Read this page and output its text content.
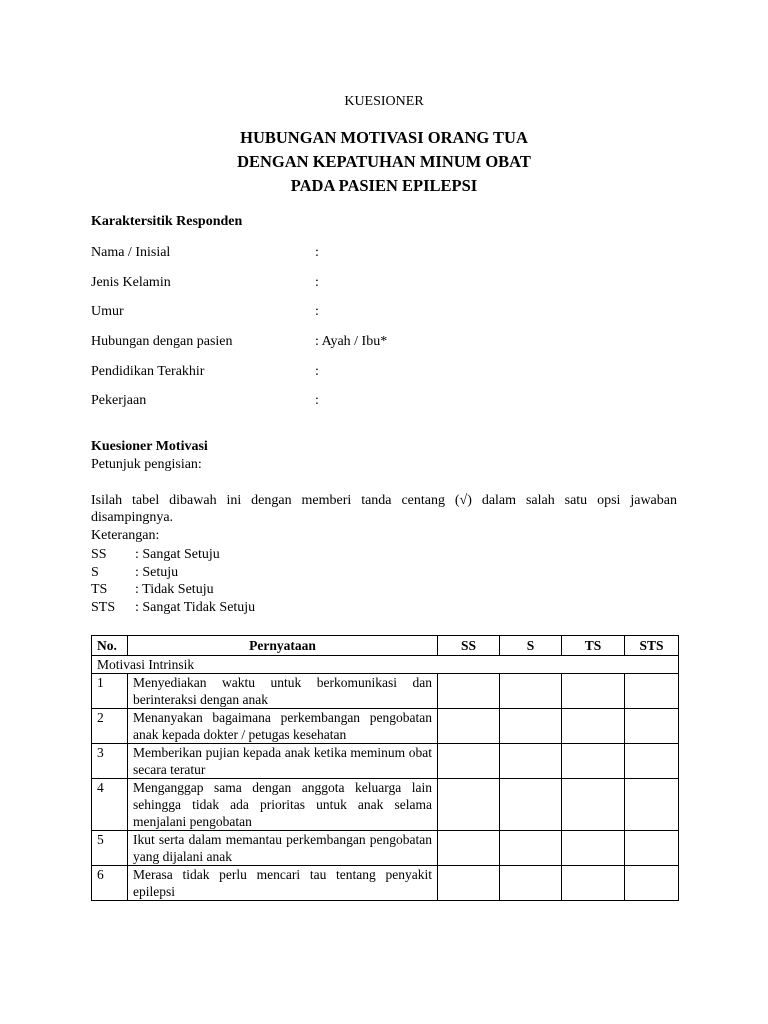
KUESIONER
HUBUNGAN MOTIVASI ORANG TUA
DENGAN KEPATUHAN MINUM OBAT
PADA PASIEN EPILEPSI
Karaktersitik Responden
Nama / Inisial	:
Jenis Kelamin	:
Umur	:
Hubungan dengan pasien	: Ayah / Ibu*
Pendidikan Terakhir	:
Pekerjaan	:
Kuesioner Motivasi
Petunjuk pengisian:
Isilah tabel dibawah ini dengan memberi tanda centang (√) dalam salah satu opsi jawaban disampingnya.
Keterangan:
SS : Sangat Setuju
S	: Setuju
TS : Tidak Setuju
STS : Sangat Tidak Setuju
No.	Pernyataan	SS	S	TS	STS
Motivasi Intrinsik					
1	Menyediakan waktu untuk berkomunikasi dan berinteraksi dengan anak				
2	Menanyakan bagaimana perkembangan pengobatan anak kepada dokter / petugas kesehatan				
3	Memberikan pujian kepada anak ketika meminum obat secara teratur				
4	Menganggap sama dengan anggota keluarga lain sehingga tidak ada prioritas untuk anak selama menjalani pengobatan				
5	Ikut serta dalam memantau perkembangan pengobatan yang dijalani anak				
6	Merasa tidak perlu mencari tau tentang penyakit epilepsi				
